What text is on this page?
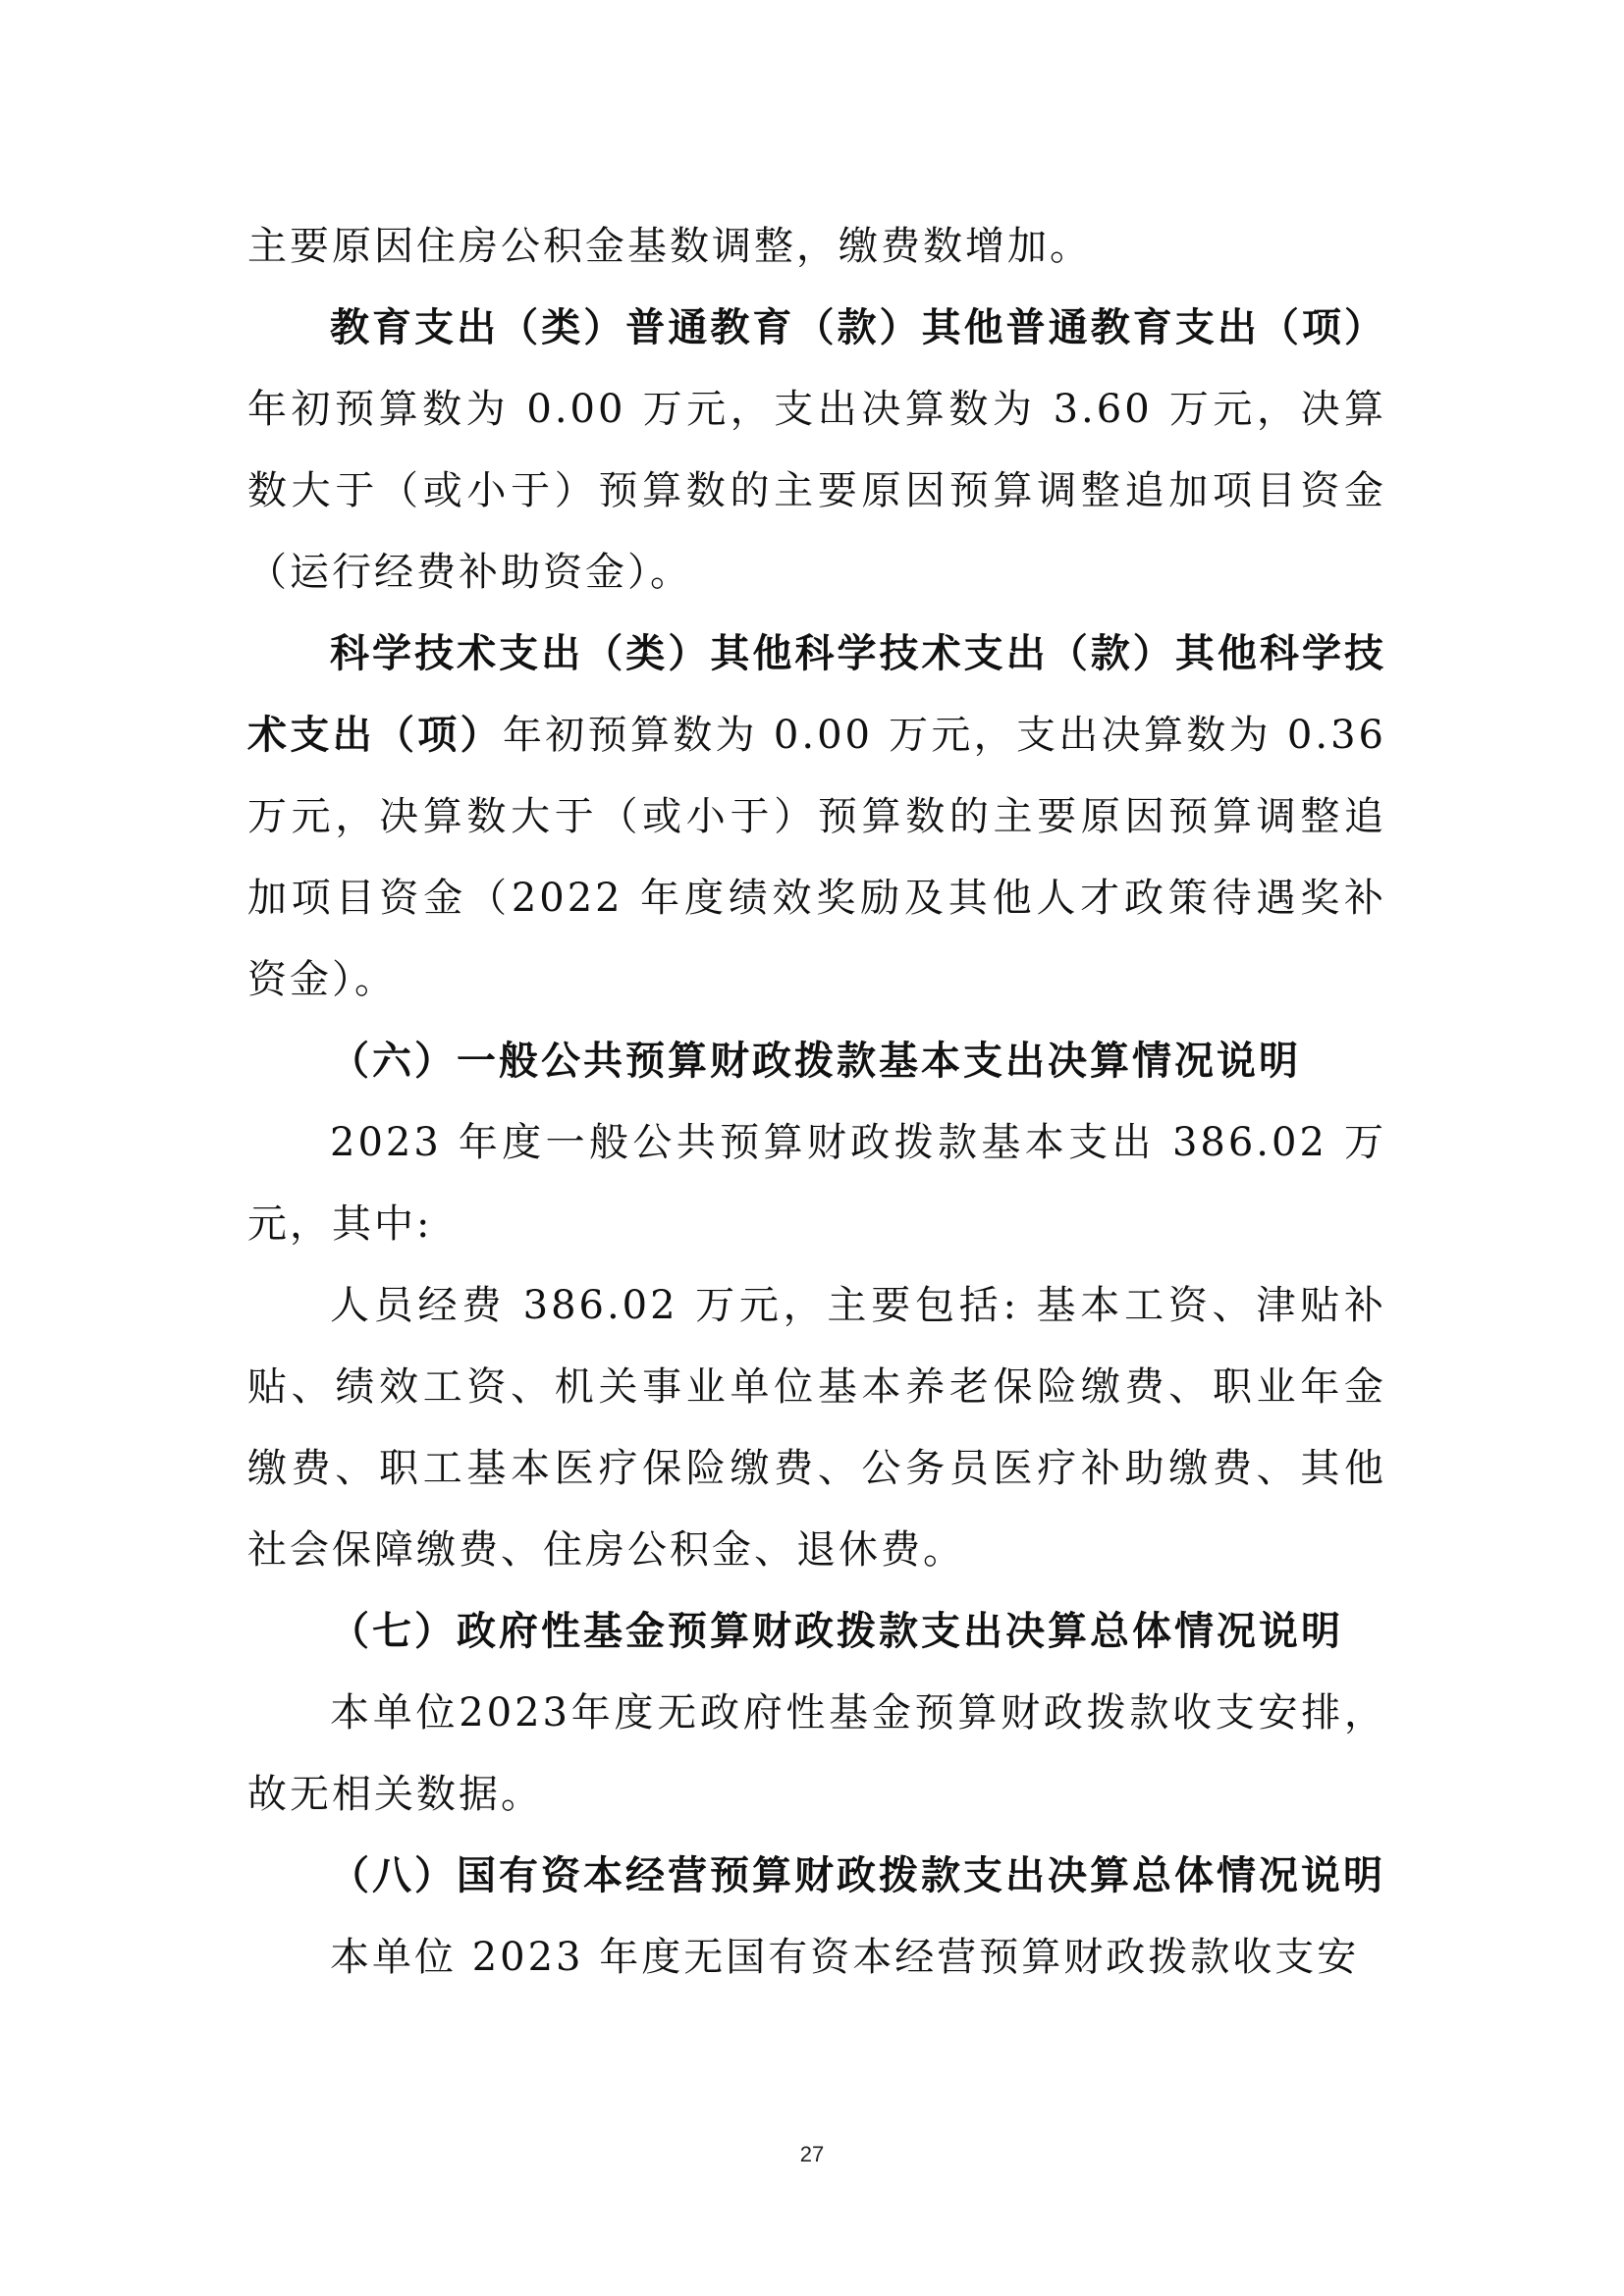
主要原因住房公积金基数调整，缴费数增加。

教育支出（类）普通教育（款）其他普通教育支出（项）年初预算数为 0.00 万元，支出决算数为 3.60 万元，决算数大于（或小于）预算数的主要原因预算调整追加项目资金（运行经费补助资金）。

科学技术支出（类）其他科学技术支出（款）其他科学技术支出（项）年初预算数为 0.00 万元，支出决算数为 0.36 万元，决算数大于（或小于）预算数的主要原因预算调整追加项目资金（2022 年度绩效奖励及其他人才政策待遇奖补资金）。

（六）一般公共预算财政拨款基本支出决算情况说明

2023 年度一般公共预算财政拨款基本支出 386.02 万元，其中:

人员经费 386.02 万元，主要包括: 基本工资、津贴补贴、绩效工资、机关事业单位基本养老保险缴费、职业年金缴费、职工基本医疗保险缴费、公务员医疗补助缴费、其他社会保障缴费、住房公积金、退休费。

（七）政府性基金预算财政拨款支出决算总体情况说明

本单位2023年度无政府性基金预算财政拨款收支安排，故无相关数据。

（八）国有资本经营预算财政拨款支出决算总体情况说明

本单位 2023 年度无国有资本经营预算财政拨款收支安

27
